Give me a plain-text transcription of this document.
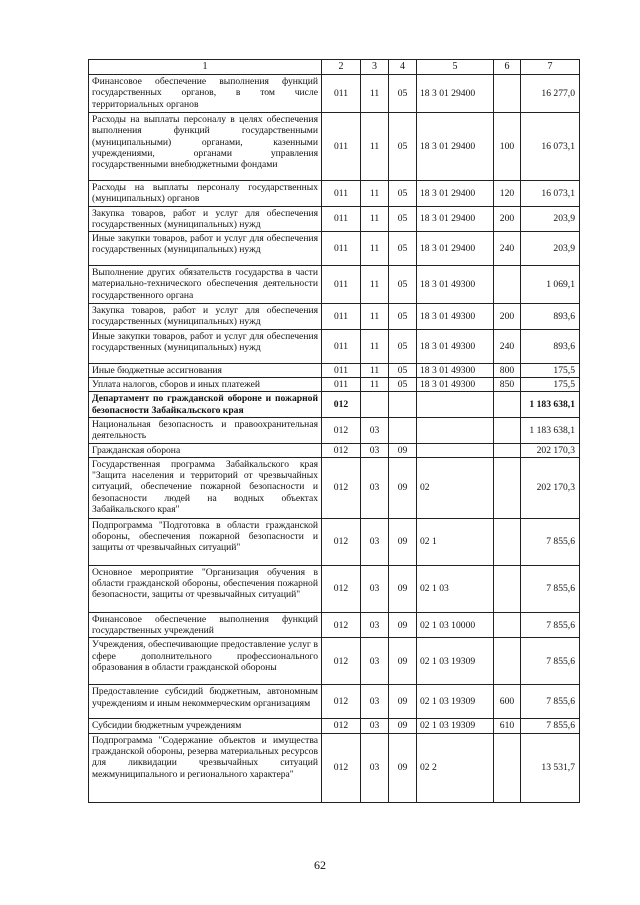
1	2	3	4	5	6	7
Финансовое обеспечение выполнения функций государственных органов, в том числе территориальных органов	011	11	05	18 3 01 29400		16 277,0
Расходы на выплаты персоналу в целях обеспечения выполнения функций государственными (муниципальными) органами, казенными учреждениями, органами управления государственными внебюджетными фондами	011	11	05	18 3 01 29400	100	16 073,1
Расходы на выплаты персоналу государственных (муниципальных) органов	011	11	05	18 3 01 29400	120	16 073,1
Закупка товаров, работ и услуг для обеспечения государственных (муниципальных) нужд	011	11	05	18 3 01 29400	200	203,9
Иные закупки товаров, работ и услуг для обеспечения государственных (муниципальных) нужд	011	11	05	18 3 01 29400	240	203,9
Выполнение других обязательств государства в части материально-технического обеспечения деятельности государственного органа	011	11	05	18 3 01 49300		1 069,1
Закупка товаров, работ и услуг для обеспечения государственных (муниципальных) нужд	011	11	05	18 3 01 49300	200	893,6
Иные закупки товаров, работ и услуг для обеспечения государственных (муниципальных) нужд	011	11	05	18 3 01 49300	240	893,6
Иные бюджетные ассигнования	011	11	05	18 3 01 49300	800	175,5
Уплата налогов, сборов и иных платежей	011	11	05	18 3 01 49300	850	175,5
Департамент по гражданской обороне и пожарной безопасности Забайкальского края	012					1 183 638,1
Национальная безопасность и правоохранительная деятельность	012	03				1 183 638,1
Гражданская оборона	012	03	09			202 170,3
Государственная программа Забайкальского края "Защита населения и территорий от чрезвычайных ситуаций, обеспечение пожарной безопасности и безопасности людей на водных объектах Забайкальского края"	012	03	09	02		202 170,3
Подпрограмма "Подготовка в области гражданской обороны, обеспечения пожарной безопасности и защиты от чрезвычайных ситуаций"	012	03	09	02 1		7 855,6
Основное мероприятие "Организация обучения в области гражданской обороны, обеспечения пожарной безопасности, защиты от чрезвычайных ситуаций"	012	03	09	02 1 03		7 855,6
Финансовое обеспечение выполнения функций государственных учреждений	012	03	09	02 1 03 10000		7 855,6
Учреждения, обеспечивающие предоставление услуг в сфере дополнительного профессионального образования в области гражданской обороны	012	03	09	02 1 03 19309		7 855,6
Предоставление субсидий бюджетным, автономным учреждениям и иным некоммерческим организациям	012	03	09	02 1 03 19309	600	7 855,6
Субсидии бюджетным учреждениям	012	03	09	02 1 03 19309	610	7 855,6
Подпрограмма "Содержание объектов и имущества гражданской обороны, резерва материальных ресурсов для ликвидации чрезвычайных ситуаций межмуниципального и регионального характера"	012	03	09	02 2		13 531,7
62
